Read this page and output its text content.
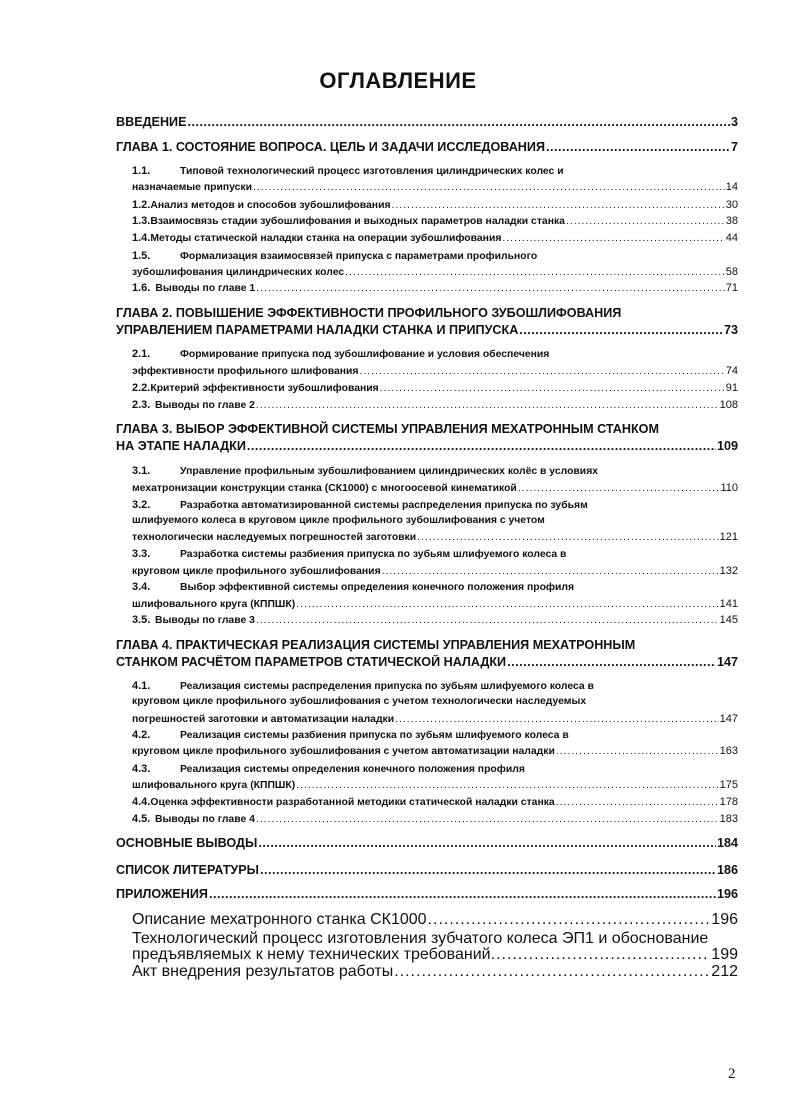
ОГЛАВЛЕНИЕ
ВВЕДЕНИЕ .....	3
ГЛАВА 1. СОСТОЯНИЕ ВОПРОСА. ЦЕЛЬ И ЗАДАЧИ ИССЛЕДОВАНИЯ .....	7
1.1.	Типовой технологический процесс изготовления цилиндрических колес и
назначаемые припуски .....	14
1.2. Анализ методов и способов зубошлифования .....	30
1.3. Взаимосвязь стадии зубошлифования и выходных параметров наладки станка .....	38
1.4. Методы статической наладки станка на операции зубошлифования .....	44
1.5.	Формализация взаимосвязей припуска с параметрами профильного
зубошлифования цилиндрических колес .....	58
1.6. Выводы по главе 1 .....	71
ГЛАВА 2. ПОВЫШЕНИЕ ЭФФЕКТИВНОСТИ ПРОФИЛЬНОГО ЗУБОШЛИФОВАНИЯ
УПРАВЛЕНИЕМ ПАРАМЕТРАМИ НАЛАДКИ СТАНКА И ПРИПУСКА .....	73
2.1.	Формирование припуска под зубошлифование и условия обеспечения
эффективности профильного шлифования .....	74
2.2. Критерий эффективности зубошлифования .....	91
2.3. Выводы по главе 2 .....	108
ГЛАВА 3. ВЫБОР ЭФФЕКТИВНОЙ СИСТЕМЫ УПРАВЛЕНИЯ МЕХАТРОННЫМ СТАНКОМ
НА ЭТАПЕ НАЛАДКИ .....	109
3.1.	Управление профильным зубошлифованием цилиндрических колёс в условиях
мехатронизации конструкции станка (СК1000) с многоосевой кинематикой .....	110
3.2.	Разработка автоматизированной системы распределения припуска по зубьям
шлифуемого колеса в круговом цикле профильного зубошлифования с учетом
технологически наследуемых погрешностей заготовки .....	121
3.3.	Разработка системы разбиения припуска по зубьям шлифуемого колеса в
круговом цикле профильного зубошлифования .....	132
3.4.	Выбор эффективной системы определения конечного положения профиля
шлифовального круга (КППШК) .....	141
3.5. Выводы по главе 3 .....	145
ГЛАВА 4. ПРАКТИЧЕСКАЯ РЕАЛИЗАЦИЯ СИСТЕМЫ УПРАВЛЕНИЯ МЕХАТРОННЫМ
СТАНКОМ РАСЧЁТОМ ПАРАМЕТРОВ СТАТИЧЕСКОЙ НАЛАДКИ .....	147
4.1.	Реализация системы распределения припуска по зубьям шлифуемого колеса в
круговом цикле профильного зубошлифования с учетом технологически наследуемых
погрешностей заготовки и автоматизации наладки .....	147
4.2.	Реализация системы разбиения припуска по зубьям шлифуемого колеса в
круговом цикле профильного зубошлифования с учетом автоматизации наладки .....	163
4.3.	Реализация системы определения конечного положения профиля
шлифовального круга (КППШК) .....	175
4.4. Оценка эффективности разработанной методики статической наладки станка .....	178
4.5. Выводы по главе 4 .....	183
ОСНОВНЫЕ ВЫВОДЫ .....	184
СПИСОК ЛИТЕРАТУРЫ .....	186
ПРИЛОЖЕНИЯ .....	196
Описание мехатронного станка СК1000 .....	196
Технологический процесс изготовления зубчатого колеса ЭП1 и обоснование
предъявляемых к нему технических требований. .....	199
Акт внедрения результатов работы .....	212
2
